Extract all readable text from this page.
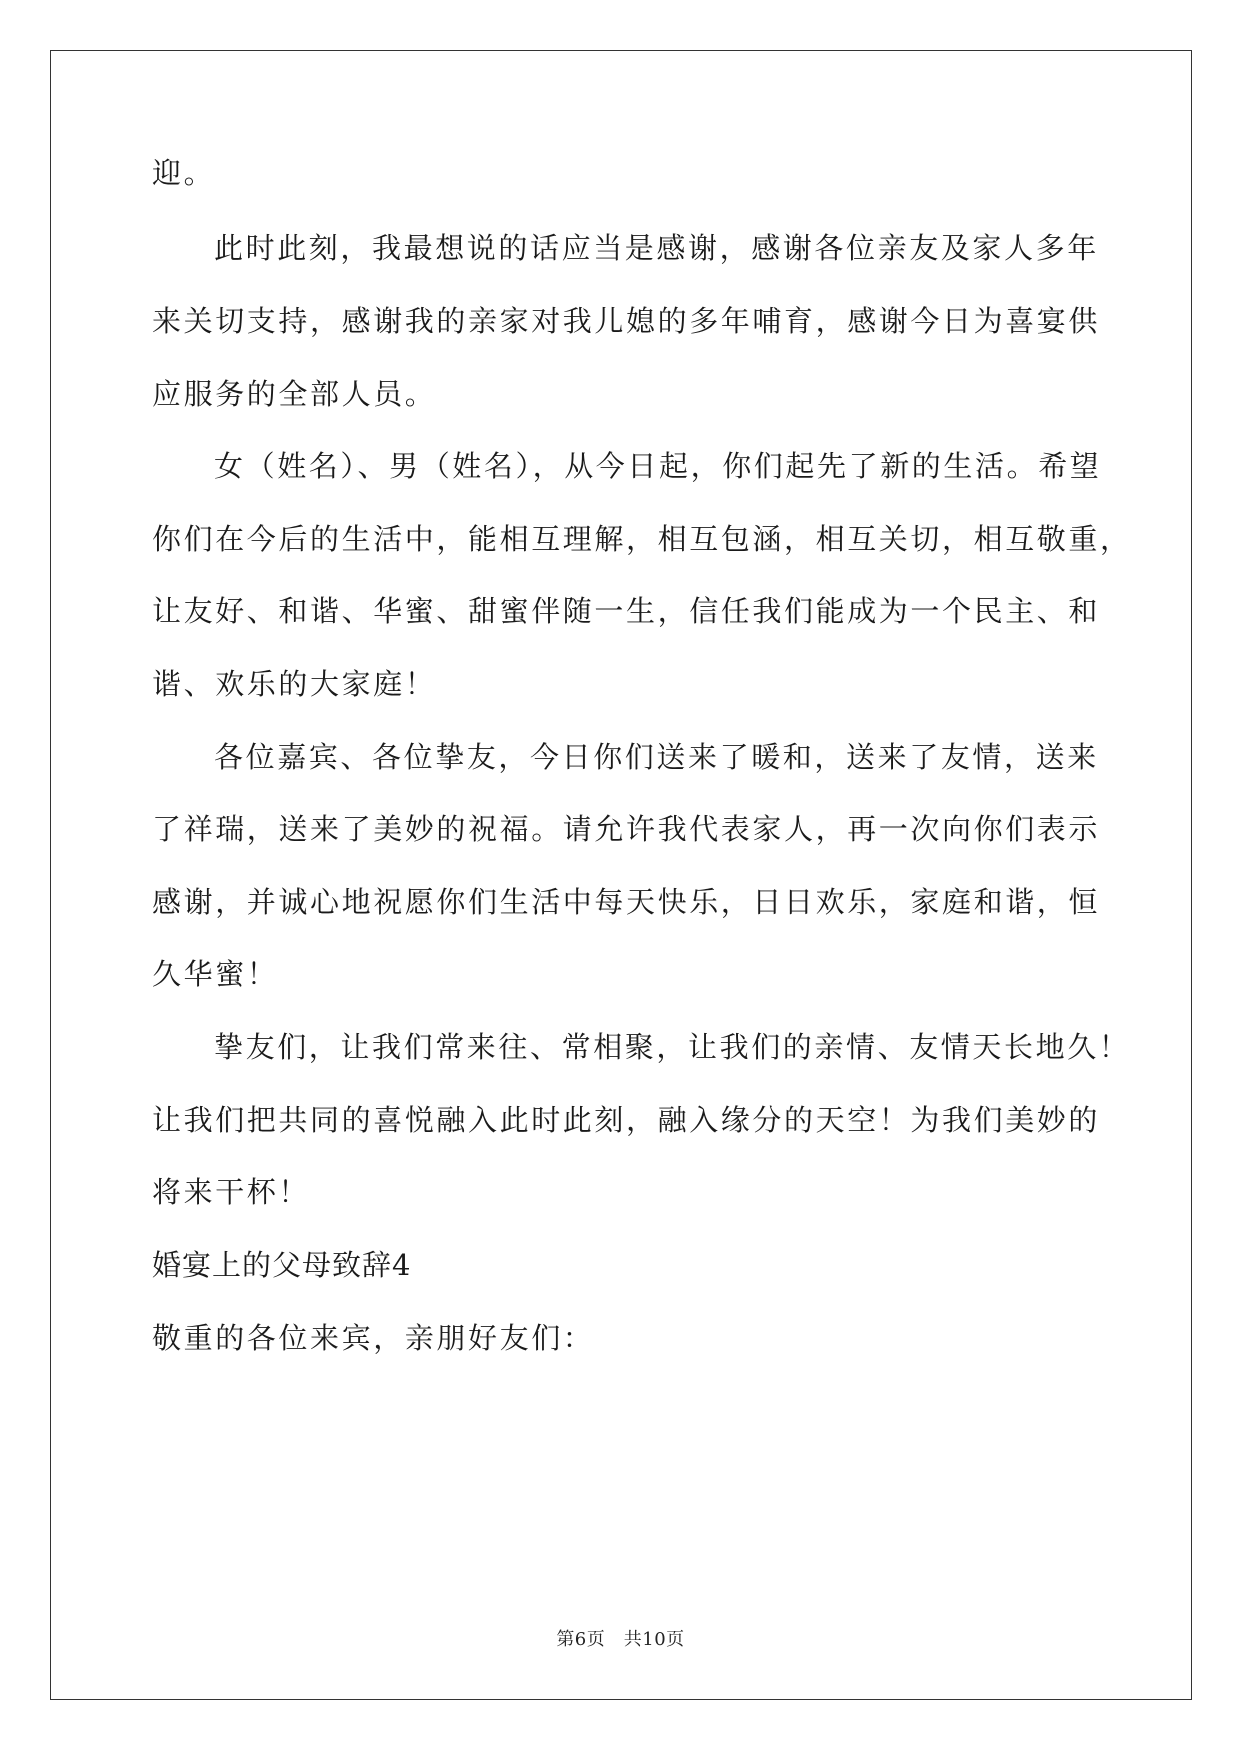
迎。
此时此刻，我最想说的话应当是感谢，感谢各位亲友及家人多年
来关切支持，感谢我的亲家对我儿媳的多年哺育，感谢今日为喜宴供
应服务的全部人员。
女（姓名）、男（姓名），从今日起，你们起先了新的生活。希望
你们在今后的生活中，能相互理解，相互包涵，相互关切，相互敬重，
让友好、和谐、华蜜、甜蜜伴随一生，信任我们能成为一个民主、和
谐、欢乐的大家庭！
各位嘉宾、各位挚友，今日你们送来了暖和，送来了友情，送来
了祥瑞，送来了美妙的祝福。请允许我代表家人，再一次向你们表示
感谢，并诚心地祝愿你们生活中每天快乐，日日欢乐，家庭和谐，恒
久华蜜！
挚友们，让我们常来往、常相聚，让我们的亲情、友情天长地久！
让我们把共同的喜悦融入此时此刻，融入缘分的天空！为我们美妙的
将来干杯！
婚宴上的父母致辞4
敬重的各位来宾，亲朋好友们：
第6页　共10页
